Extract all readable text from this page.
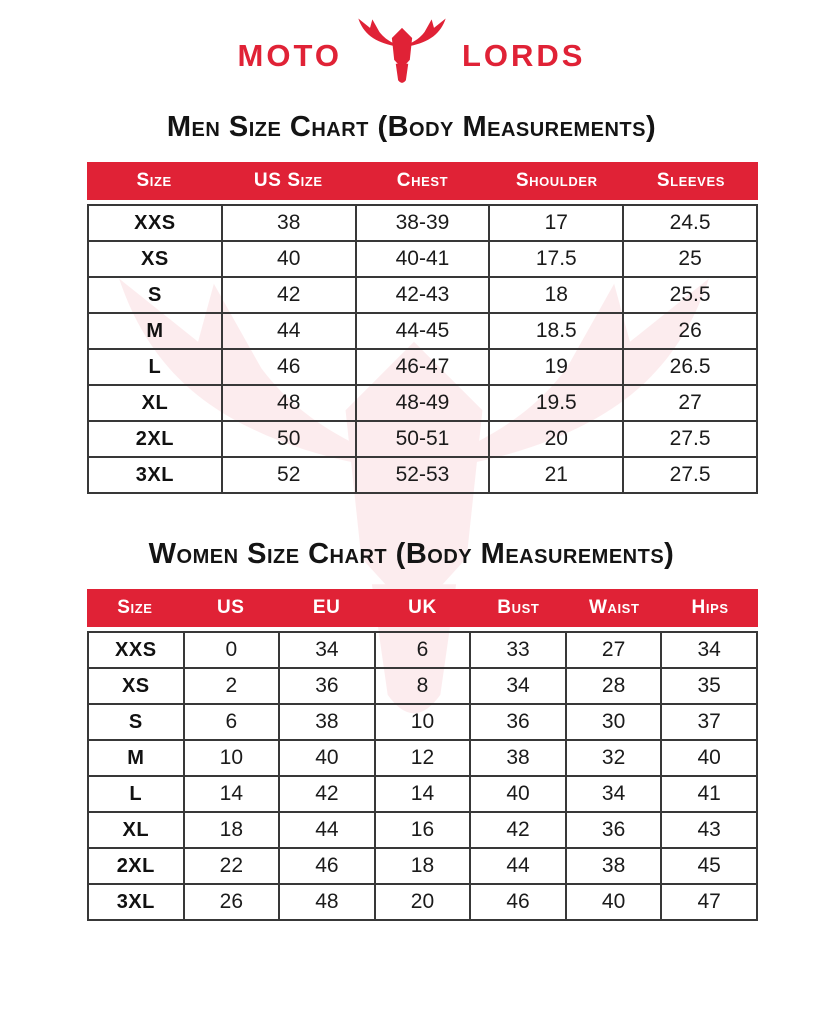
MOTO	LORDS
Men Size Chart (Body Measurements)
Size	US Size	Chest	Shoulder	Sleeves
XXS	38	38-39	17	24.5
XS	40	40-41	17.5	25
S	42	42-43	18	25.5
M	44	44-45	18.5	26
L	46	46-47	19	26.5
XL	48	48-49	19.5	27
2XL	50	50-51	20	27.5
3XL	52	52-53	21	27.5
Women Size Chart (Body Measurements)
Size	US	EU	UK	Bust	Waist	Hips
XXS	0	34	6	33	27	34
XS	2	36	8	34	28	35
S	6	38	10	36	30	37
M	10	40	12	38	32	40
L	14	42	14	40	34	41
XL	18	44	16	42	36	43
2XL	22	46	18	44	38	45
3XL	26	48	20	46	40	47
